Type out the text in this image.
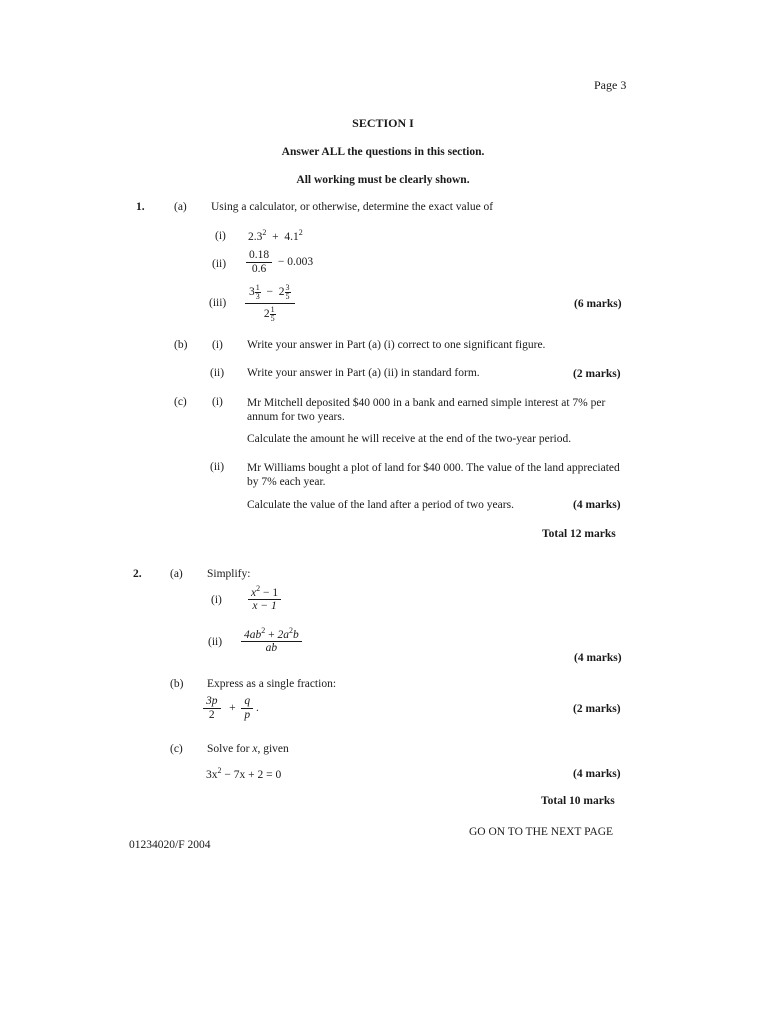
Page 3
SECTION I
Answer ALL the questions in this section.
All working must be clearly shown.
1.	(a) Using a calculator, or otherwise, determine the exact value of
(i) $2.3^2 + 4.1^2$
$(ii) \frac{0.18}{0.6} - 0.003$
$(iii) \frac{3 \frac{1}{3} - 2 \frac{3}{5}}{2 \frac{1}{5}}$	(6 marks)
(b) (i) Write your answer in Part (a) (i) correct to one significant figure.
(ii) Write your answer in Part (a) (ii) in standard form.	(2 marks)
(c) (i) Mr Mitchell deposited $40 000 in a bank and earned simple interest at 7% per annum for two years.
Calculate the amount he will receive at the end of the two-year period.
(ii) Mr Williams bought a plot of land for $40 000. The value of the land appreciated by 7% each year.
Calculate the value of the land after a period of two years.	(4 marks)
Total 12 marks
2. (a) Simplify:
$(i) \frac{x^2 - 1}{x - 1}$
$(ii) \frac{4ab^2 + 2a^2b}{ab}$
(4 marks)
(b) Express as a single fraction:
$\frac{3p}{2} + \frac{q}{p}$ .	(2 marks)
(c) Solve for x, given
$3x^2 - 7x + 2 = 0$	(4 marks)
Total 10 marks
GO ON TO THE NEXT PAGE
01234020/F 2004
